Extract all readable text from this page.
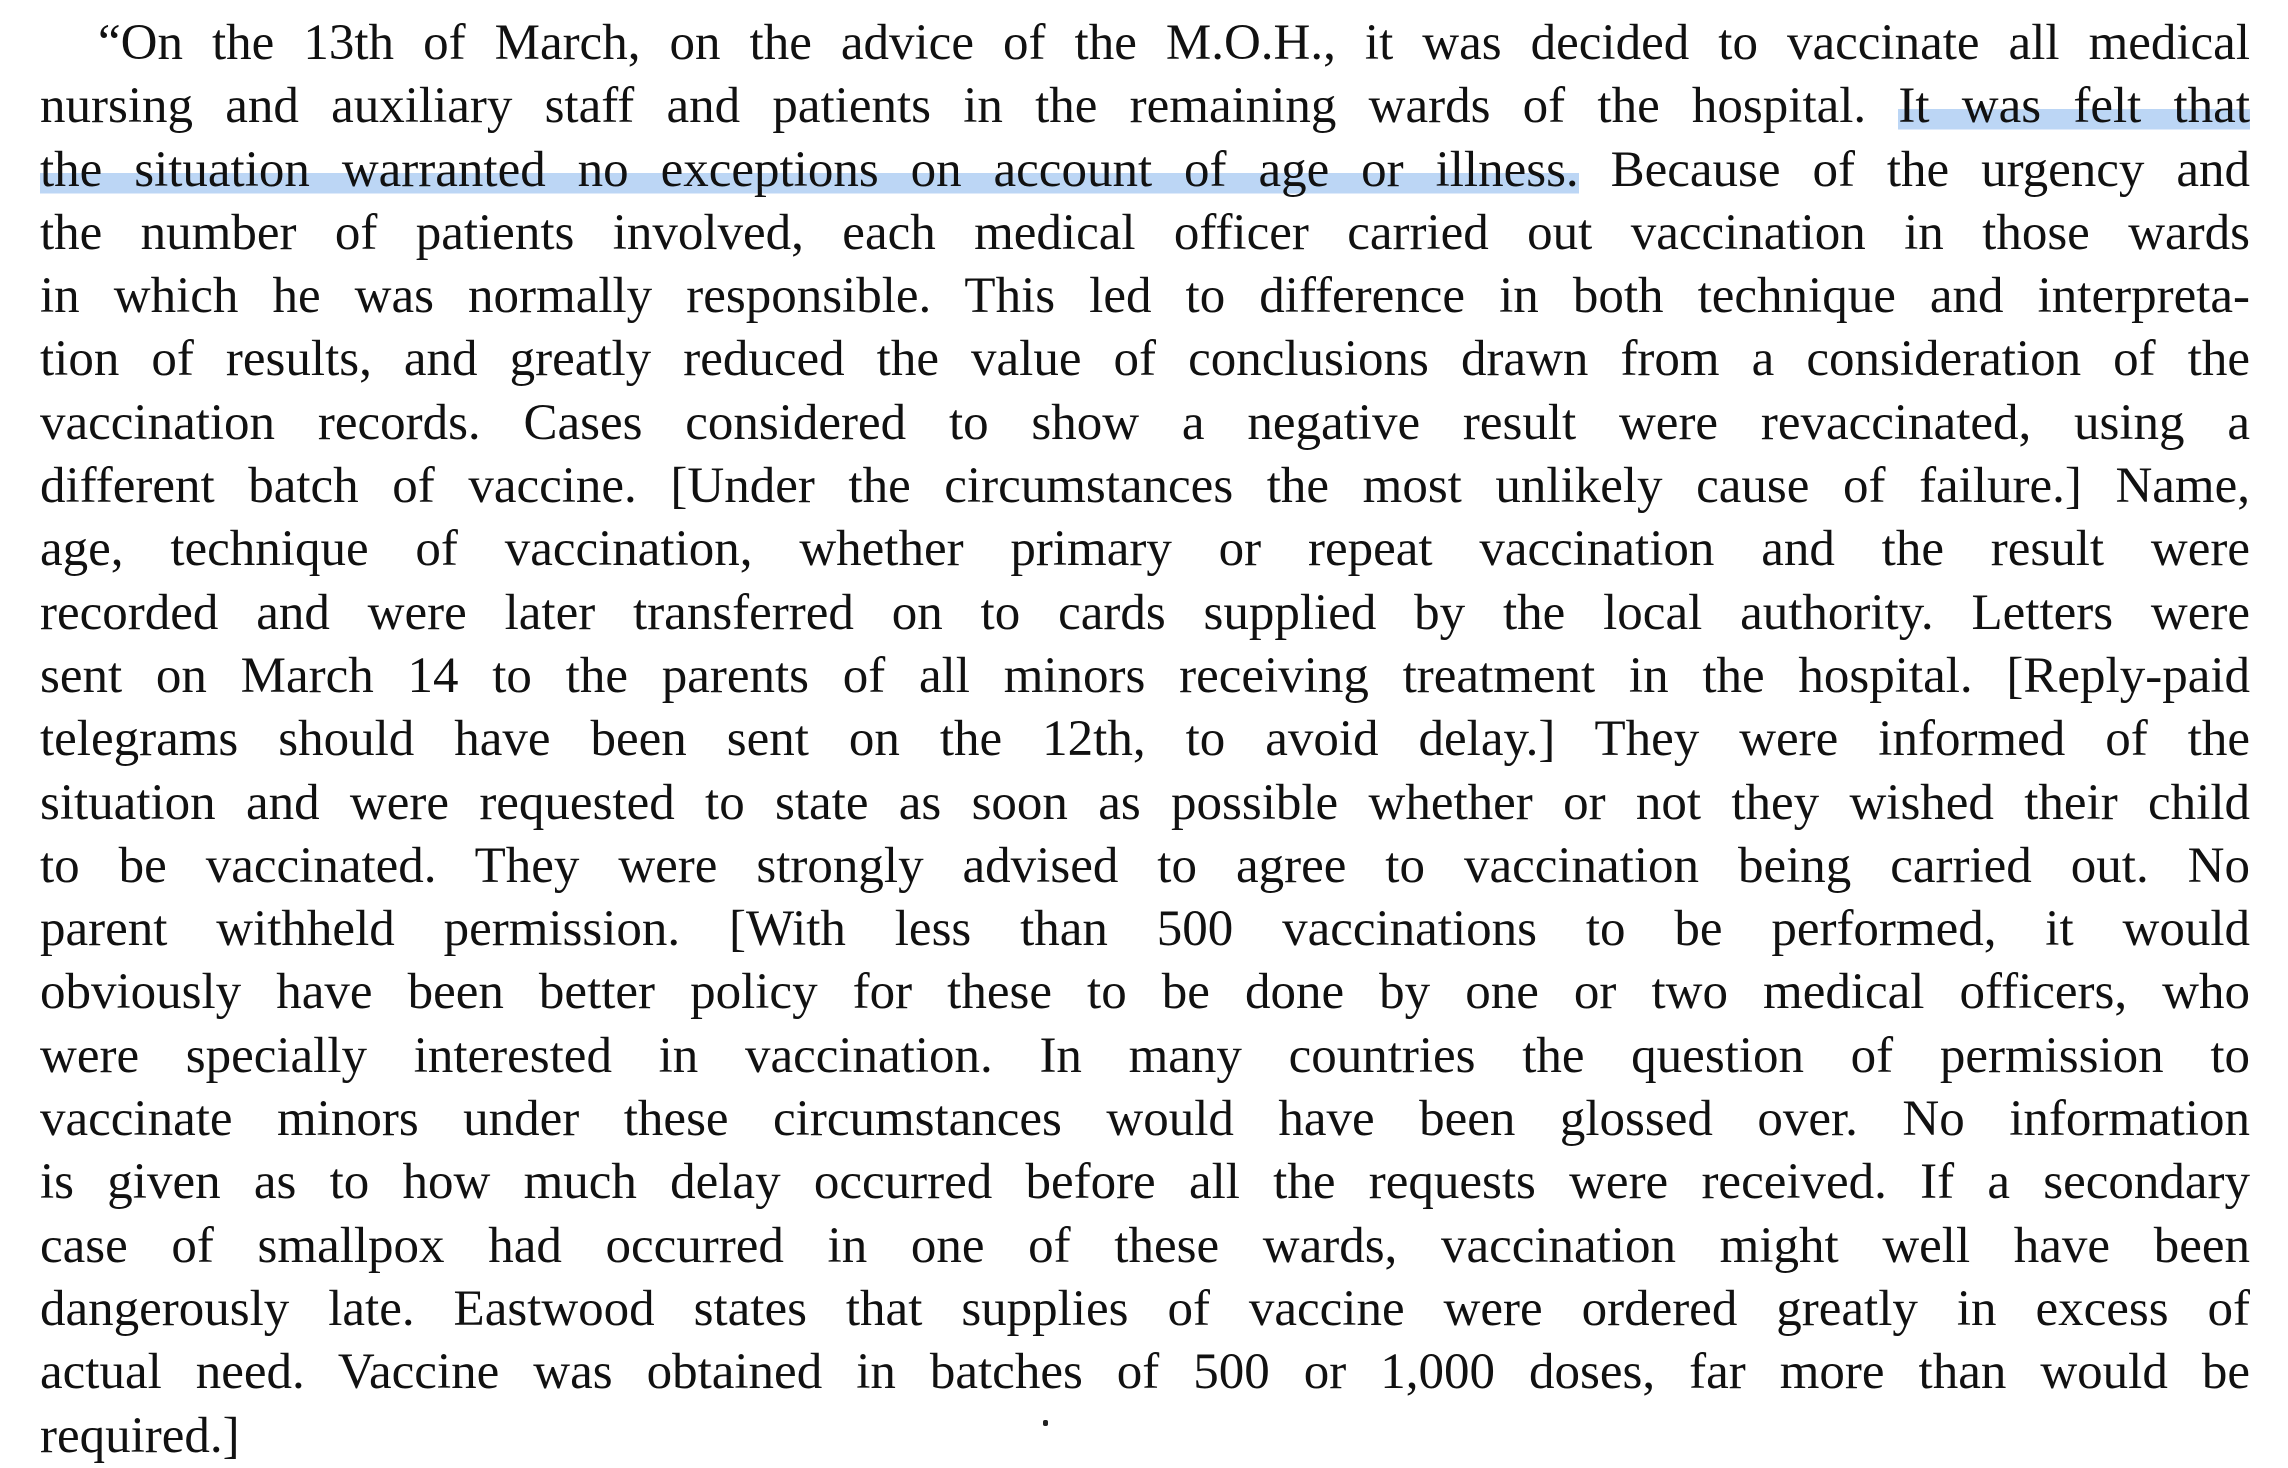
“On the 13th of March, on the advice of the M.O.H., it was decided to vaccinate all medical
nursing and auxiliary staff and patients in the remaining wards of the hospital. It was felt that
the situation warranted no exceptions on account of age or illness. Because of the urgency and
the number of patients involved, each medical officer carried out vaccination in those wards
in which he was normally responsible. This led to difference in both technique and interpreta-
tion of results, and greatly reduced the value of conclusions drawn from a consideration of the
vaccination records. Cases considered to show a negative result were revaccinated, using a
different batch of vaccine. [Under the circumstances the most unlikely cause of failure.] Name,
age, technique of vaccination, whether primary or repeat vaccination and the result were
recorded and were later transferred on to cards supplied by the local authority. Letters were
sent on March 14 to the parents of all minors receiving treatment in the hospital. [Reply-paid
telegrams should have been sent on the 12th, to avoid delay.] They were informed of the
situation and were requested to state as soon as possible whether or not they wished their child
to be vaccinated. They were strongly advised to agree to vaccination being carried out. No
parent withheld permission. [With less than 500 vaccinations to be performed, it would
obviously have been better policy for these to be done by one or two medical officers, who
were specially interested in vaccination. In many countries the question of permission to
vaccinate minors under these circumstances would have been glossed over. No information
is given as to how much delay occurred before all the requests were received. If a secondary
case of smallpox had occurred in one of these wards, vaccination might well have been
dangerously late. Eastwood states that supplies of vaccine were ordered greatly in excess of
actual need. Vaccine was obtained in batches of 500 or 1,000 doses, far more than would be
required.]
